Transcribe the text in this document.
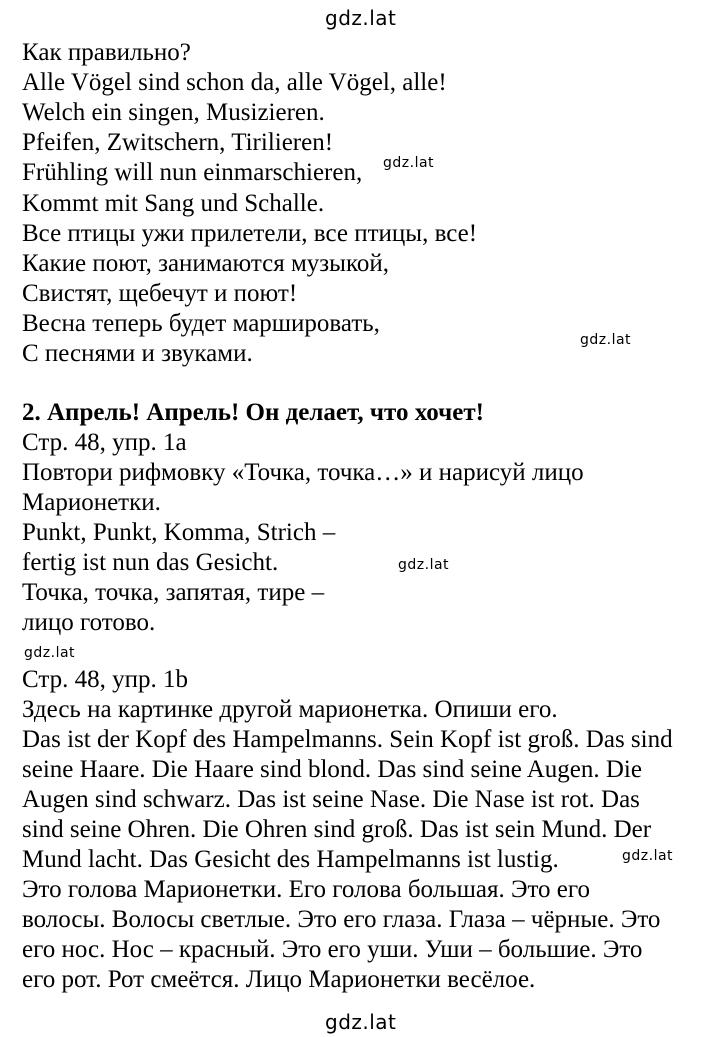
gdz.lat
Как правильно?
Alle Vögel sind schon da, alle Vögel, alle!
Welch ein singen, Musizieren.
Pfeifen, Zwitschern, Tirilieren!
Frühling will nun einmarschieren, gdz.lat
Kommt mit Sang und Schalle.
Все птицы ужи прилетели, все птицы, все!
Какие поют, занимаются музыкой,
Свистят, щебечут и поют!
Весна теперь будет маршировать,
gdz.lat
С песнями и звуками.
2. Апрель! Апрель! Он делает, что хочет!
Стр. 48, упр. 1а
Повтори рифмовку «Точка, точка…» и нарисуй лицо
Марионетки.
Punkt, Punkt, Komma, Strich –
fertig ist nun das Gesicht.	gdz.lat
Точка, точка, запятая, тире –
лицо готово.
gdz.lat
Стр. 48, упр. 1b
Здесь на картинке другой марионетка. Опиши его.
Das ist der Kopf des Hampelmanns. Sein Kopf ist groß. Das sind
seine Haare. Die Haare sind blond. Das sind seine Augen. Die
Augen sind schwarz. Das ist seine Nase. Die Nase ist rot. Das
sind seine Ohren. Die Ohren sind groß. Das ist sein Mund. Der
Mund lacht. Das Gesicht des Hampelmanns ist lustig.	gdz.lat
Это голова Марионетки. Его голова большая. Это его
волосы. Волосы светлые. Это его глаза. Глаза – чёрные. Это
его нос. Нос – красный. Это его уши. Уши – большие. Это
его рот. Рот смеётся. Лицо Марионетки весёлое.
gdz.lat
